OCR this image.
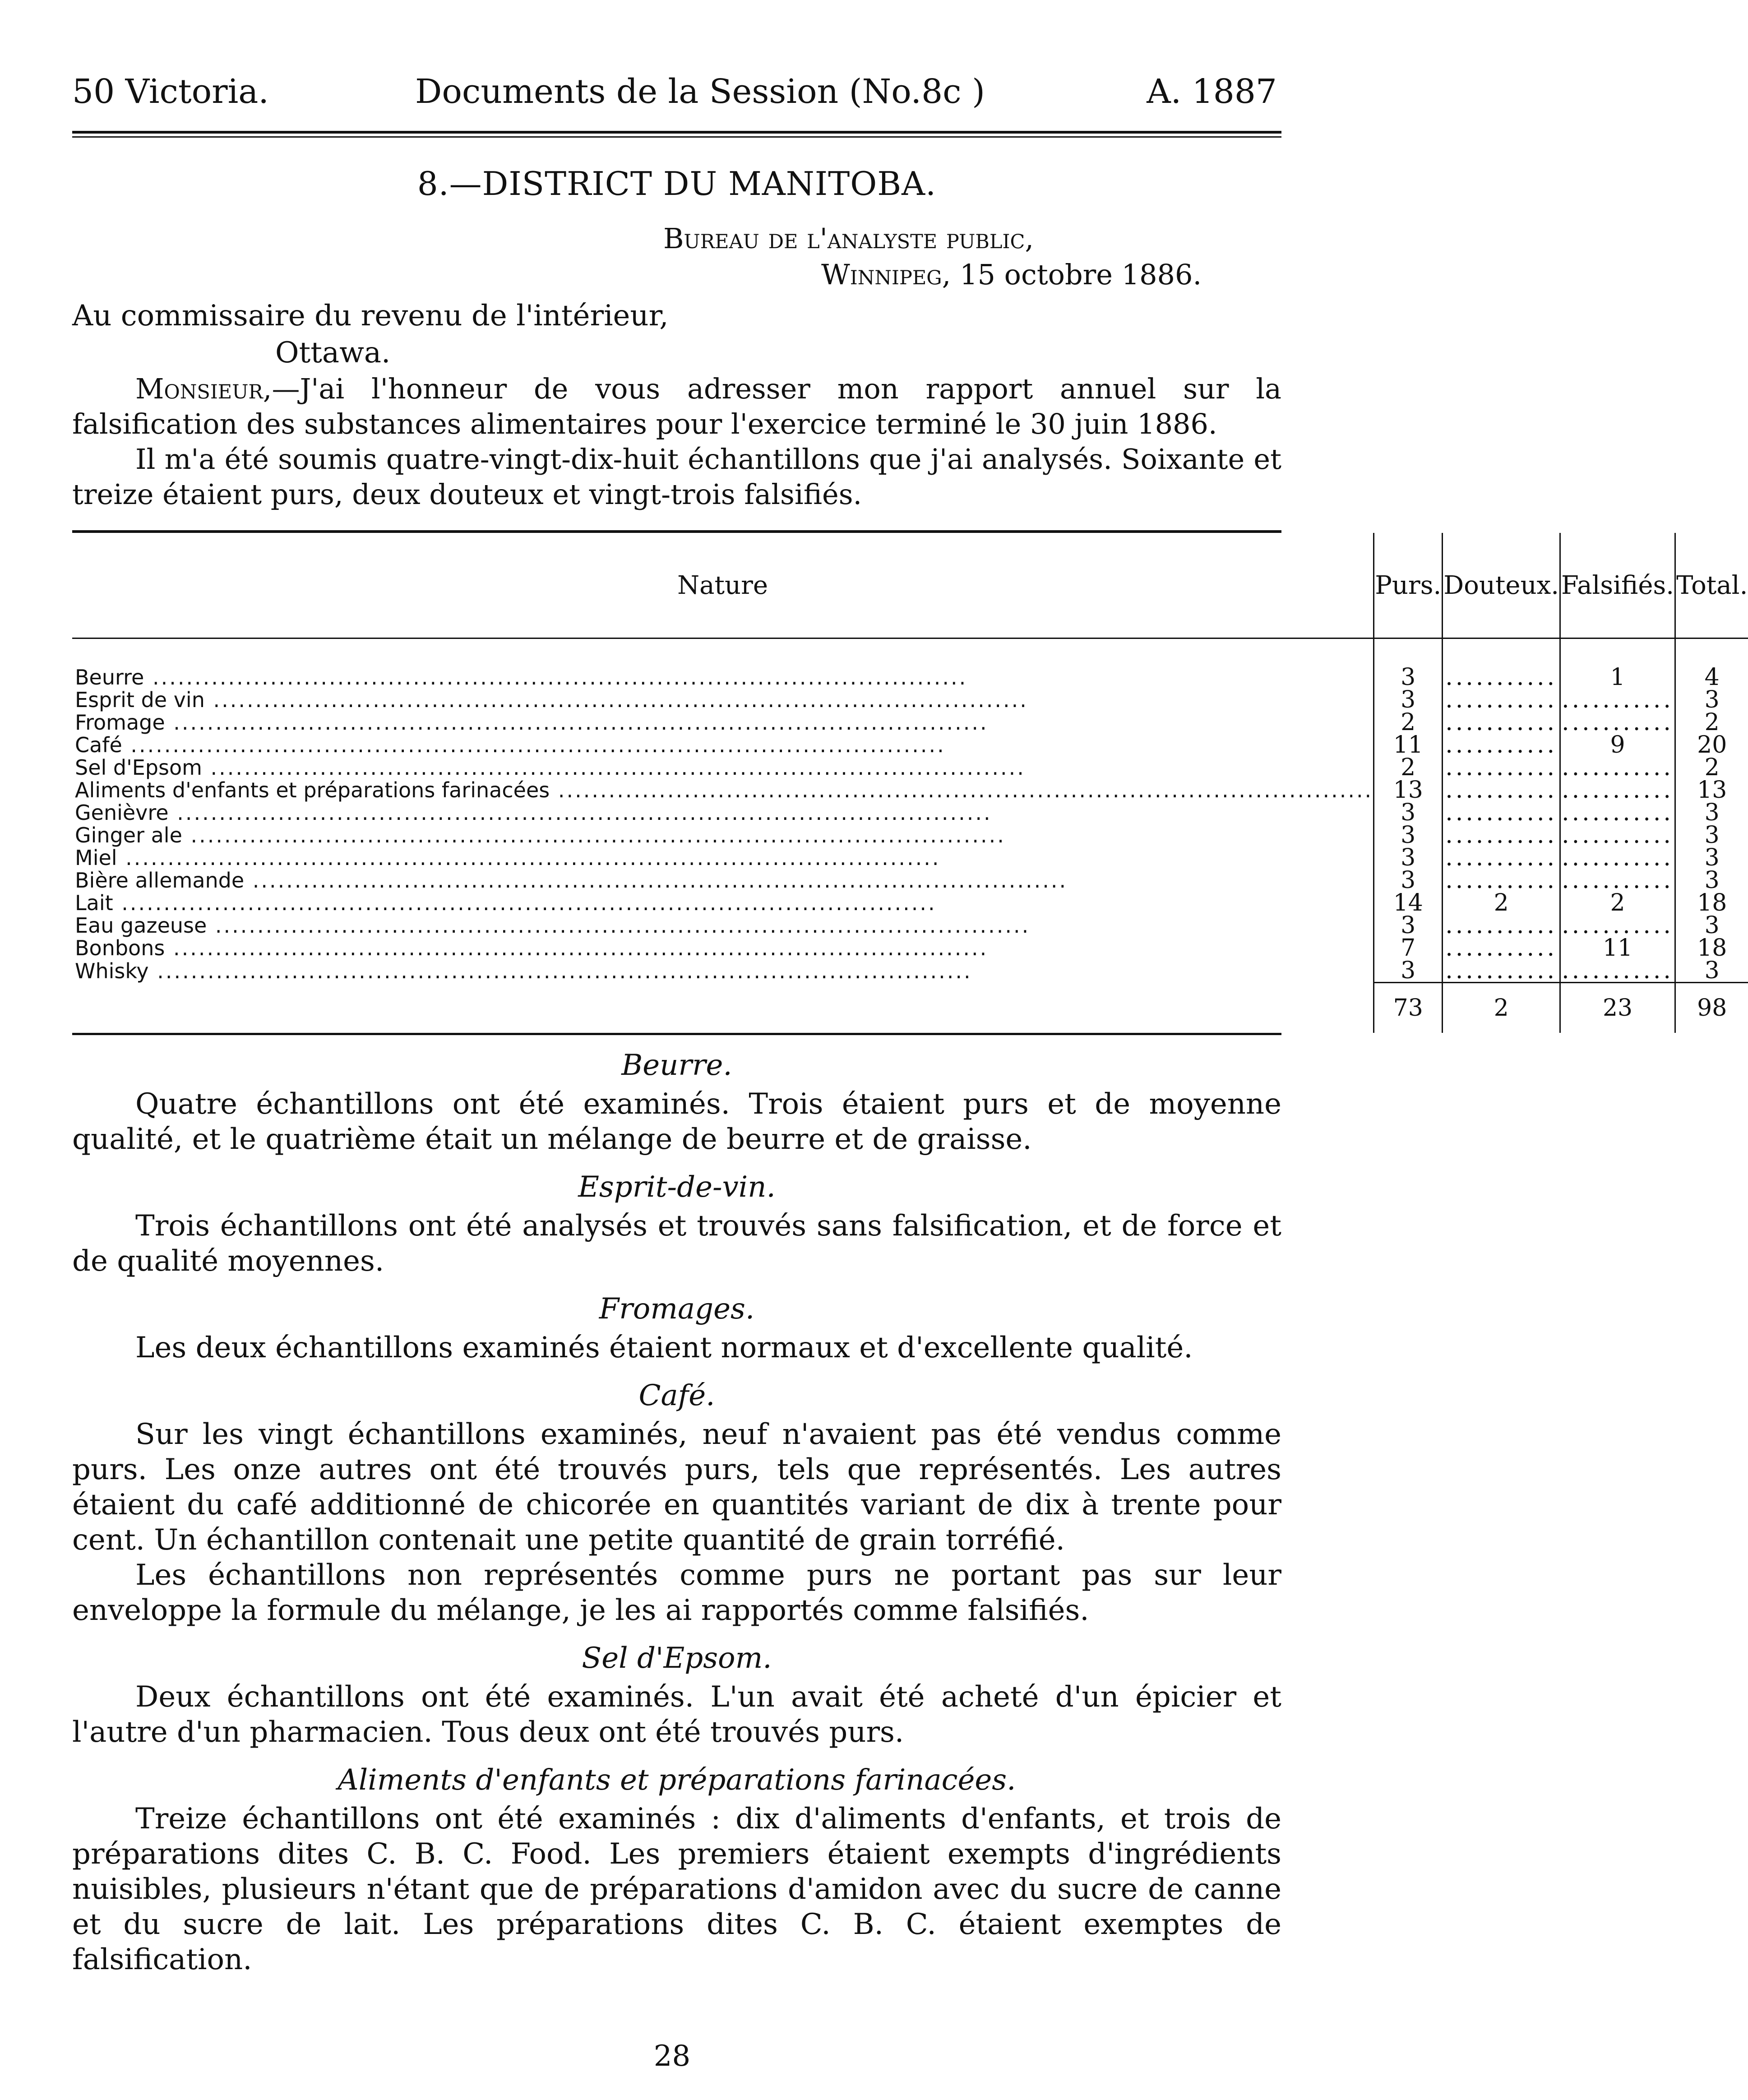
50 Victoria.	Documents de la Session (No.8c )	A. 1887
8.—DISTRICT DU MANITOBA.
Bureau de l'analyste public,
Winnipeg, 15 octobre 1886.
Au commissaire du revenu de l'intérieur,
Ottawa.

Monsieur,—J'ai l'honneur de vous adresser mon rapport annuel sur la falsification des substances alimentaires pour l'exercice terminé le 30 juin 1886.

Il m'a été soumis quatre-vingt-dix-huit échantillons que j'ai analysés. Soixante et treize étaient purs, deux douteux et vingt-trois falsifiés.

Nature	Purs.	Douteux.	Falsifiés.	Total.
Beurre .....	3	...........	1	4
Esprit de vin .....	3	...........	...........	3
Fromage .....	2	...........	...........	2
Café .....	11	...........	9	20
Sel d'Epsom .....	2	...........	...........	2
Aliments d'enfants et préparations farinacées .....	13	...........	...........	13
Genièvre .....	3	...........	...........	3
Ginger ale .....	3	...........	...........	3
Miel .....	3	...........	...........	3
Bière allemande .....	3	...........	...........	3
Lait .....	14	2	2	18
Eau gazeuse .....	3	...........	...........	3
Bonbons .....	7	...........	11	18
Whisky .....	3	...........	...........	3
	73	2	23	98
Beurre.

Quatre échantillons ont été examinés. Trois étaient purs et de moyenne qualité, et le quatrième était un mélange de beurre et de graisse.

Esprit-de-vin.

Trois échantillons ont été analysés et trouvés sans falsification, et de force et de qualité moyennes.

Fromages.

Les deux échantillons examinés étaient normaux et d'excellente qualité.

Café.

Sur les vingt échantillons examinés, neuf n'avaient pas été vendus comme purs. Les onze autres ont été trouvés purs, tels que représentés. Les autres étaient du café additionné de chicorée en quantités variant de dix à trente pour cent. Un échantillon contenait une petite quantité de grain torréfié.

Les échantillons non représentés comme purs ne portant pas sur leur enveloppe la formule du mélange, je les ai rapportés comme falsifiés.

Sel d'Epsom.

Deux échantillons ont été examinés. L'un avait été acheté d'un épicier et l'autre d'un pharmacien. Tous deux ont été trouvés purs.

Aliments d'enfants et préparations farinacées.

Treize échantillons ont été examinés : dix d'aliments d'enfants, et trois de préparations dites C. B. C. Food. Les premiers étaient exempts d'ingrédients nuisibles, plusieurs n'étant que de préparations d'amidon avec du sucre de canne et du sucre de lait. Les préparations dites C. B. C. étaient exemptes de falsification.

28
